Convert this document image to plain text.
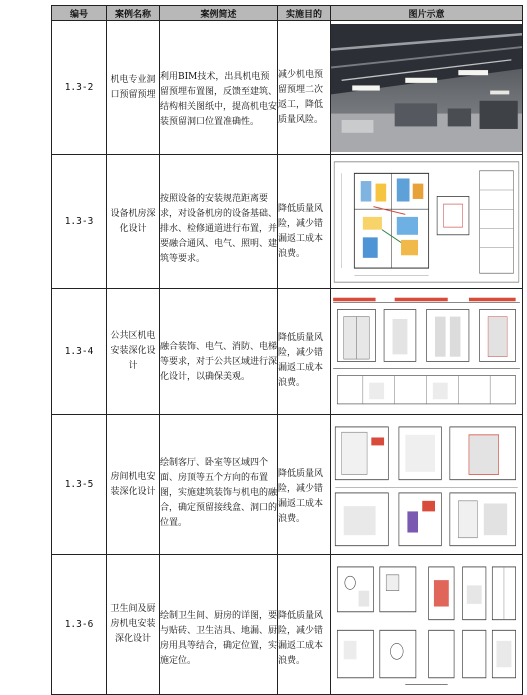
编号	案例名称	案例简述	实施目的	图片示意
1.3-2	机电专业洞口预留预埋	利用BIM技术，出具机电预留预埋布置图，反馈至建筑、结构相关图纸中，提高机电安装预留洞口位置准确性。	减少机电预留预埋二次返工，降低质量风险。

1.3-3	设备机房深化设计	按照设备的安装规范距离要求，对设备机房的设备基础、排水、检修通道进行布置，并要融合通风、电气、照明、建筑等要求。	降低质量风险，减少错漏返工成本浪费。

1.3-4	公共区机电安装深化设计	融合装饰、电气、消防、电梯等要求，对于公共区域进行深化设计，以确保美观。	降低质量风险，减少错漏返工成本浪费。

1.3-5	房间机电安装深化设计	绘制客厅、卧室等区域四个面、房顶等五个方向的布置图，实施建筑装饰与机电的融合，确定预留接线盒、洞口的位置。	降低质量风险，减少错漏返工成本浪费。

1.3-6	卫生间及厨房机电安装深化设计	绘制卫生间、厨房的详图，要与贴砖、卫生洁具、地漏、厨房用具等结合，确定位置，实施定位。	降低质量风险，减少错漏返工成本浪费。
